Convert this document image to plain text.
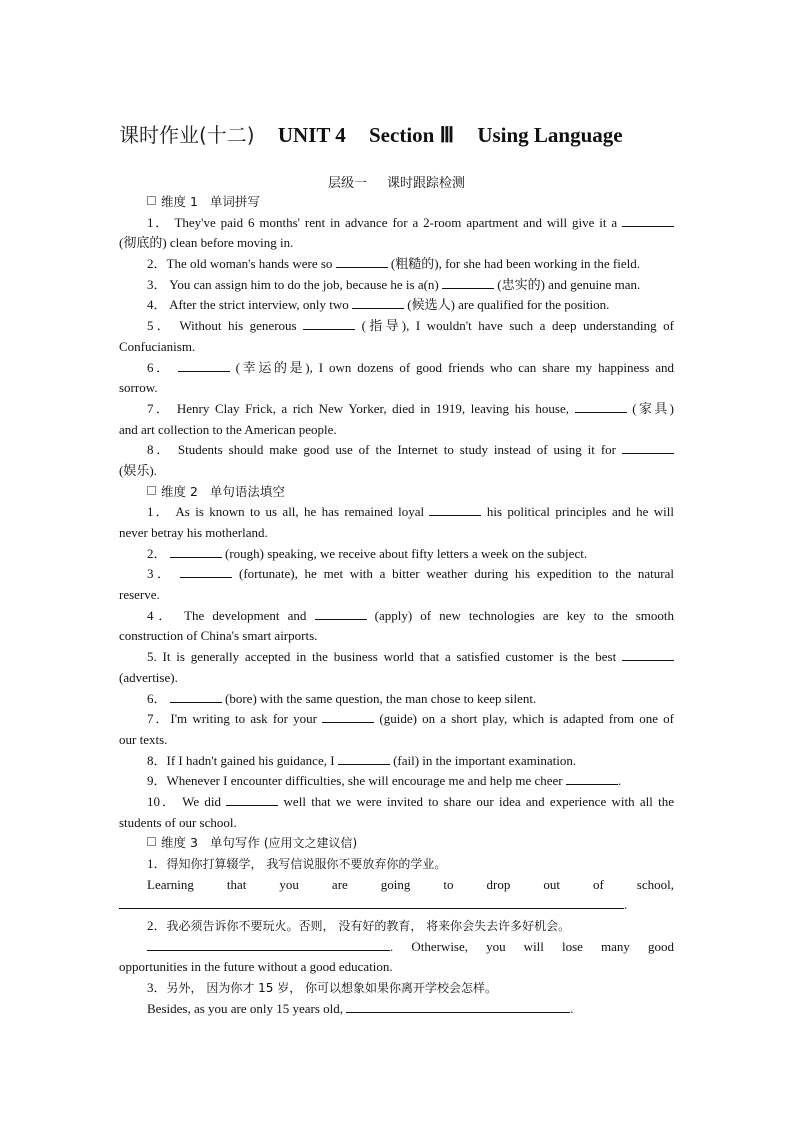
课时作业(十二) UNIT 4 Section Ⅲ Using Language
层级一 课时跟踪检测
维度 1 单词拼写
1． They've paid 6 months' rent in advance for a 2-room apartment and will give it a
(彻底的) clean before moving in.
2．The old woman's hands were so	(粗糙的), for she had been working in the field.
3． You can assign him to do the job, because he is a(n)	(忠实的) and genuine man.
4． After the strict interview, only two	(候选人) are qualified for the position.
5． Without his generous	(指导), I wouldn't have such a deep understanding of
Confucianism.
6．	(幸运的是), I own dozens of good friends who can share my happiness and
sorrow.
7． Henry Clay Frick, a rich New Yorker, died in 1919, leaving his house,	(家具)
and art collection to the American people.
8． Students should make good use of the Internet to study instead of using it for
(娱乐).
维度 2 单句语法填空
1． As is known to us all, he has remained loyal	his political principles and he will
never betray his motherland.
2．	(rough) speaking, we receive about fifty letters a week on the subject.
3．	(fortunate), he met with a bitter weather during his expedition to the natural
reserve.
4． The development and	(apply) of new technologies are key to the smooth
construction of China's smart airports.
5. It is generally accepted in the business world that a satisfied customer is the best
(advertise).
6．	(bore) with the same question, the man chose to keep silent.
7．I'm writing to ask for your	(guide) on a short play, which is adapted from one of
our texts.
8．If I hadn't gained his guidance, I	(fail) in the important examination.
9．Whenever I encounter difficulties, she will encourage me and help me cheer	.
10． We did	well that we were invited to share our idea and experience with all the
students of our school.
维度 3 单句写作 (应用文之建议信)
1．得知你打算辍学， 我写信说服你不要放弃你的学业。
Learning that you are going to drop out of school,
.
2．我必须告诉你不要玩火。否则， 没有好的教育， 将来你会失去许多好机会。
. Otherwise, you will lose many good
opportunities in the future without a good education.
3．另外， 因为你才 15 岁， 你可以想象如果你离开学校会怎样。
Besides, as you are only 15 years old,	.
